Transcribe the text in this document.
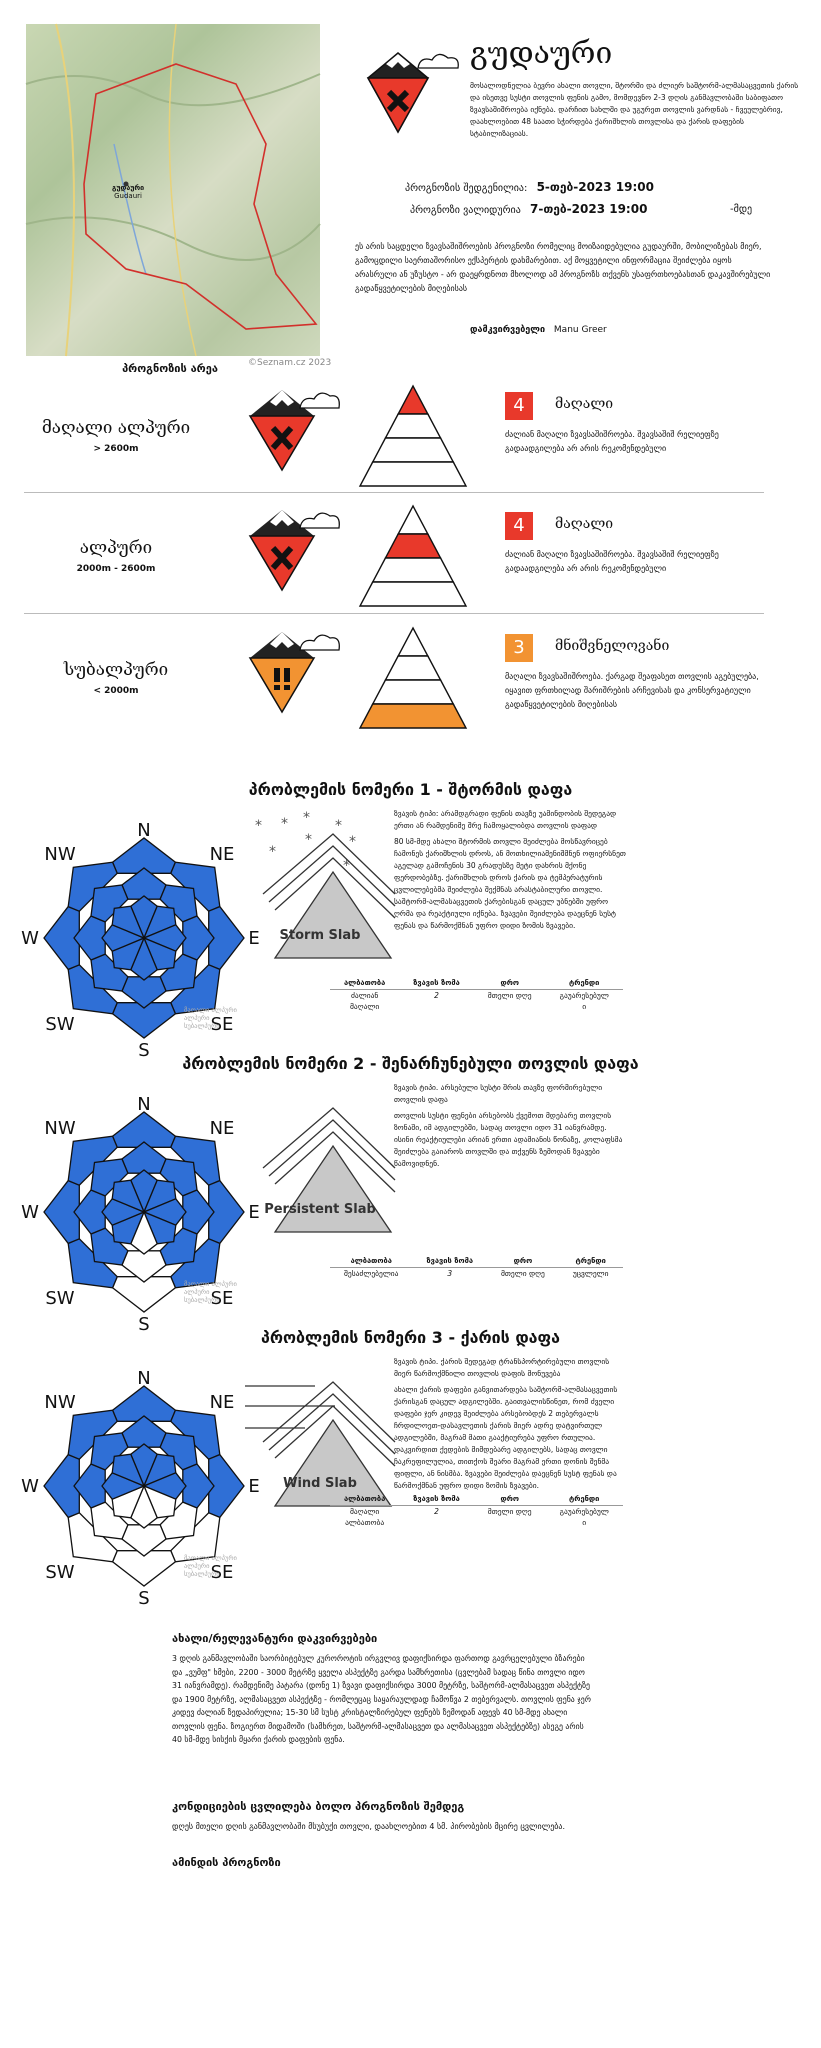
გუდაური
Gudauri
©Seznam.cz 2023
პროგნოზის არეა
გუდაური
მოსალოდნელია ბევრი ახალი თოვლი, შტორმი და ძლიერ საშტორმ-ალმასაცვეთის ქარის და ისეთვე სუსტი თოვლის ფენის გამო, მომდევნო 2-3 დღის განმავლობაში საბიფათო ზვავსაშიშროება იქნება. დარჩით სახლში და უგურეთ თოვლის ვარდნას - ჩვეულებრივ, დაახლოებით 48 საათი სჭირდება ქარიშხლის თოვლისა და ქარის დაფების სტაბილიზაციას.
პროგნოზის შედგენილია: 5-თებ-2023 19:00
პროგნოზი ვალიდურია 7-თებ-2023 19:00	-მდე
ეს არის საცდელი ზვავსაშიშროების პროგნოზი რომელიც მოიზაიდებულია გუდაურში, მობილიზებას მიერ, გამოცდილი საერთაშორისო ექსპერტის დახმარებით. აქ მოყვეტილი ინფორმაცია შეიძლება იყოს არასრული ან უზუსტო - არ დაეყრდნოთ მხოლოდ ამ პროგნოზს თქვენს უსაფრთხოებასთან დაკავშირებული გადაწყვეტილების მიღებისას
დამკვირვებელი Manu Greer
მაღალი ალპური
> 2600m
4	მაღალი
ძალიან მაღალი ზვავსაშიშროება. შვავსაშიშ რელიეფზე გადაადგილება არ არის რეკომენდებული
ალპური
2000m - 2600m
4	მაღალი
ძალიან მაღალი ზვავსაშიშროება. შვავსაშიშ რელიეფზე გადაადგილება არ არის რეკომენდებული
სუბალპური
< 2000m
3	მნიშვნელოვანი
მაღალი ზვავსაშიშროება. ქარგად შეაფასეთ თოვლის აგებულება, იყავით ფრთხილად შარიშრების არჩევისას და კონსერვატიული გადაწყვეტილების მიღებისას
პრობლემის ნომერი 1 - შტორმის დაფა
N
NE
E
SE
S
SW
W
NW
მაღალი ალპური
ალპური
სუბალპური
* * * *
*
*
*
*
Storm Slab
ზვავის ტიპი: არამდგრადი ფენის თავზე უამინდობის შედეგად ერთი ან რამდენიმე შრე ჩამოყალიბდა თოვლის დაფად
80 სმ-მდე ახალი შტორმის თოვლი შეიძლება მოსწავრიცებ ჩამონეს ქარიშხლის დროს, ან მოთხილიამენიშმნენ ოფიერსნეთ აგელად გამოჩენის 30 გრადუსზე მეტი დახრის მქონე ფერდობებზე. ქარიშხლის დროს ქარის და ტემპერატურის ცვლილებებმა შეიძლება შექმნას არასტაბილური თოვლი. საშტორმ-ალმასაცვეთის ქარებისგან დაცულ უბნებში უფრო ღრმა და რეაქტიული იქნება. ზვავები შეიძლება დაეცნენ სუსტ ფენას და წარმოქმნან უფრო დიდი ზომის ზვავები.
ალბათობა	ზვავის ზომა	დრო	ტრენდი
ძალიან	2	მთელი დღე	გაუარესებულ
მაღალი			ი
პრობლემის ნომერი 2 - შენარჩუნებული თოვლის დაფა
N
NE
E
SE
S
SW
W
NW
მაღალი ალპური
ალპური
სუბალპური
Persistent Slab
ზვავის ტიპი. არსებული სუსტი შრის თავზე ფორმირებული თოვლის დაფა
თოვლის სუსტი ფენები არსებობს ქვემოთ მდებარე თოვლის ზონაში, იმ ადგილებში, სადაც თოვლი იდო 31 იანვრამდე. ისინი რეაქტიულები არიან ერთი ადამიანის წონაზე, კოლაფსმა შეიძლება გაიაროს თოვლში და თქვენს ზემოდან ზვავები წამოვიდნენ.
ალბათობა	ზვავის ზომა	დრო	ტრენდი
შესაძლებელია	3	მთელი დღე	უცვლელი
პრობლემის ნომერი 3 - ქარის დაფა
N
NE
E
SE
S
SW
W
NW
მაღალი ალპური
ალპური
სუბალპური
Wind Slab
ზვავის ტიპი. ქარის შედეგად ტრანსპორტირებული თოვლის მიერ წარმოქმნილი თოვლის დაფის მონუვება
ახალი ქარის დაფები განვითარდება საშტორმ-ალმასაცვეთის ქარისგან დაცულ ადგილებში. გაითვალისწინეთ, რომ ძველი დაფები ჯერ კიდევ შეიძლება არსებობდეს 2 თებერვალს ჩრდილოეთ-დასავლეთის ქარის მიერ ადრე დატვირთულ ადგილებში, მაგრამ მათი გააქტიურება უფრო რთულია. დაკვირდით ქედების მიმდებარე ადგილებს, სადაც თოვლი ჩაკრეფილულია, თითქოს შეარი მაგრამ ერთი დონის შენმა ფიფლი, ან ნისმბა. ზვავები შეიძლება დაეცნენ სუსტ ფენას და წარმოქმნან უფრო დიდი ზომის ზვავები.
ალბათობა	ზვავის ზომა	დრო	ტრენდი
მაღალი	2	მთელი დღე	გაუარესებულ
ალბათობა			ი
ახალი/რელევანტური დაკვირვებები
3 დღის განმავლობაში საორბიტებულ კუროროტის ირგვლივ დაფიქსირდა ფართოდ გავრცელებული ბზარები და „ვუმფ" ხმები, 2200 - 3000 მეტრზე ყველა ასპექტზე გარდა სამხრეთისა (ცვლებამ სადაც წინა თოვლი იდო 31 იანვრამდე). რამდენიმე პატარა (დონე 1) ზვავი დაფიქსირდა 3000 მეტრზე, საშტორმ-ალმასაცვეთ ასპექტზე და 1900 მეტრზე, ალმასაცვეთ ასპექტზე - რომლეცაც საყარაულდად ჩამოწვა 2 თებერვალს. თოვლის ფენა ჯერ კიდევ ძალიან ზედაპირულია; 15-30 სმ სუსტ კრისტალზირებულ ფენებს ზემოდან აფევს 40 სმ-მდე ახალი თოვლის ფენა. ზოგიერთ მიდამოში (სამხრეთ, საშტორმ-ალმასაცვეთ და ალმასაცვეთ ასპექტებზე) ასეგე არის 40 სმ-მდე სისქის მყარი ქარის დაფების ფენა.
კონდიციების ცვლილება ბოლო პროგნოზის შემდეგ
დღეს მთელი დღის განმავლობაში მსუბუქი თოვლი, დაახლოებით 4 სმ. პირობების მცირე ცვლილება.
ამინდის პროგნოზი
